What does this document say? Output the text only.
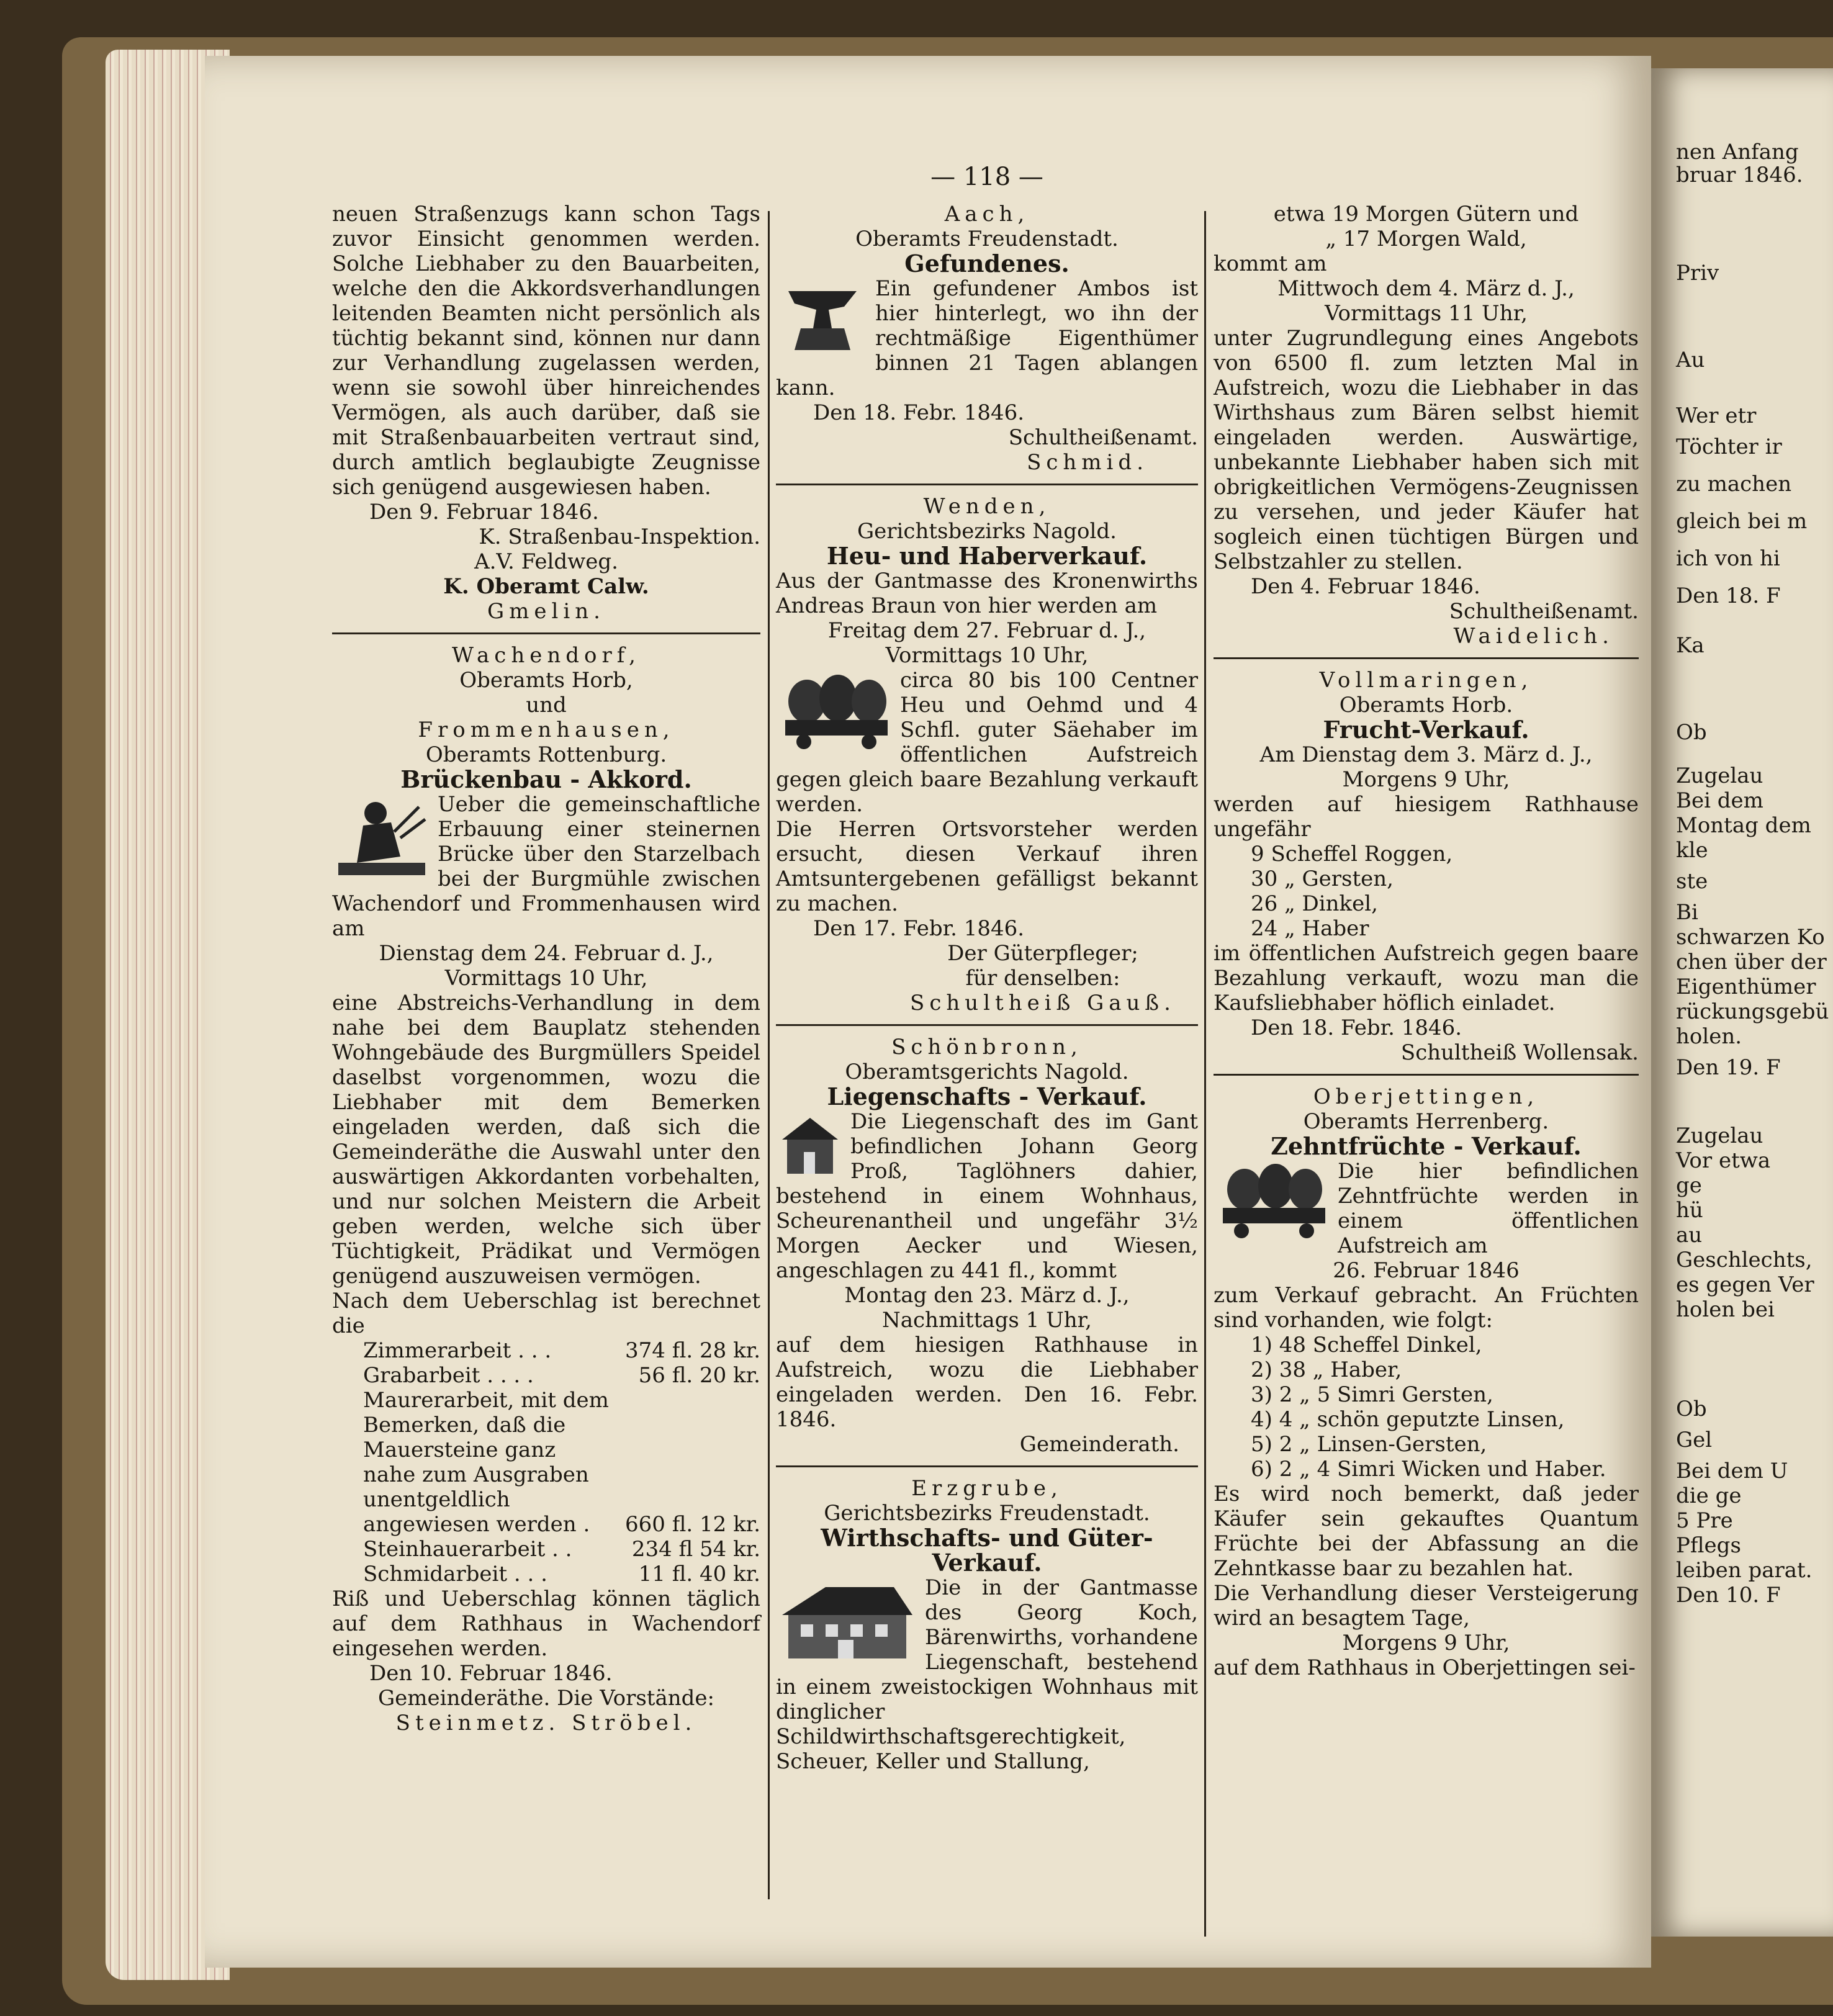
nen Anfang
bruar 1846.
Priv
Au
Wer etr
Töchter ir
zu machen
gleich bei m
ich von hi
Den 18. F
Ka
Ob
Zugelau
Bei dem
Montag dem
kle
ste
Bi
schwarzen Ko
chen über der
Eigenthümer
rückungsgebü
holen.
Den 19. F
Zugelau
Vor etwa
ge
hü
au
Geschlechts,
es gegen Ver
holen bei
Ob
Gel
Bei dem U
die ge
5 Pre
Pflegs
leiben parat.
Den 10. F
— 118 —

neuen Straßenzugs kann schon Tags zuvor Einsicht genommen werden. Solche Liebhaber zu den Bauarbeiten, welche den die Akkordsverhandlungen leitenden Beamten nicht persönlich als tüchtig bekannt sind, können nur dann zur Verhandlung zugelassen werden, wenn sie sowohl über hinreichendes Vermögen, als auch darüber, daß sie mit Straßenbauarbeiten vertraut sind, durch amtlich beglaubigte Zeugnisse sich genügend ausgewiesen haben.

Den 9. Februar 1846.

K. Straßenbau-Inspektion.

A.V. Feldweg.

K. Oberamt Calw.

Gmelin.

Wachendorf,

Oberamts Horb,

und

Frommenhausen,

Oberamts Rottenburg.

Brückenbau - Akkord.

Ueber die gemeinschaftliche Erbauung einer steinernen Brücke über den Starzelbach bei der Burgmühle zwischen Wachendorf und Frommenhausen wird am

Dienstag dem 24. Februar d. J.,

Vormittags 10 Uhr,

eine Abstreichs-Verhandlung in dem nahe bei dem Bauplatz stehenden Wohngebäude des Burgmüllers Speidel daselbst vorgenommen, wozu die Liebhaber mit dem Bemerken eingeladen werden, daß sich die Gemeinderäthe die Auswahl unter den auswärtigen Akkordanten vorbehalten, und nur solchen Meistern die Arbeit geben werden, welche sich über Tüchtigkeit, Prädikat und Vermögen genügend auszuweisen vermögen.

Nach dem Ueberschlag ist berechnet die

Zimmerarbeit . . .	374 fl. 28 kr.
Grabarbeit . . . .	56 fl. 20 kr.
Maurerarbeit, mit dem Bemerken, daß die Mauersteine ganz nahe zum Ausgraben unentgeldlich angewiesen werden .	660 fl. 12 kr.
Steinhauerarbeit . .	234 fl 54 kr.
Schmidarbeit . . .	11 fl. 40 kr.

Riß und Ueberschlag können täglich auf dem Rathhaus in Wachendorf eingesehen werden.

Den 10. Februar 1846.

Gemeinderäthe. Die Vorstände:

Steinmetz. Ströbel.

Aach,

Oberamts Freudenstadt.

Gefundenes.

Ein gefundener Ambos ist hier hinterlegt, wo ihn der rechtmäßige Eigenthümer binnen 21 Tagen ablangen kann.

Den 18. Febr. 1846.

Schultheißenamt.

Schmid.

Wenden,

Gerichtsbezirks Nagold.

Heu- und Haberverkauf.

Aus der Gantmasse des Kronenwirths Andreas Braun von hier werden am

Freitag dem 27. Februar d. J.,

Vormittags 10 Uhr,

circa 80 bis 100 Centner Heu und Oehmd und 4 Schfl. guter Säehaber im öffentlichen Aufstreich gegen gleich baare Bezahlung verkauft werden.

Die Herren Ortsvorsteher werden ersucht, diesen Verkauf ihren Amtsuntergebenen gefälligst bekannt zu machen.

Den 17. Febr. 1846.

Der Güterpfleger;

für denselben:

Schultheiß Gauß.

Schönbronn,

Oberamtsgerichts Nagold.

Liegenschafts - Verkauf.

Die Liegenschaft des im Gant befindlichen Johann Georg Proß, Taglöhners dahier, bestehend in einem Wohnhaus, Scheurenantheil und ungefähr 3½ Morgen Aecker und Wiesen, angeschlagen zu 441 fl., kommt

Montag den 23. März d. J.,

Nachmittags 1 Uhr,

auf dem hiesigen Rathhause in Aufstreich, wozu die Liebhaber eingeladen werden. Den 16. Febr. 1846.

Gemeinderath.

Erzgrube,

Gerichtsbezirks Freudenstadt.

Wirthschafts- und Güter-Verkauf.

Die in der Gantmasse des Georg Koch, Bärenwirths, vorhandene Liegenschaft, bestehend in einem zweistockigen Wohnhaus mit dinglicher Schildwirthschaftsgerechtigkeit, Scheuer, Keller und Stallung,

etwa 19 Morgen Gütern und

„ 17 Morgen Wald,

kommt am

Mittwoch dem 4. März d. J.,

Vormittags 11 Uhr,

unter Zugrundlegung eines Angebots von 6500 fl. zum letzten Mal in Aufstreich, wozu die Liebhaber in das Wirthshaus zum Bären selbst hiemit eingeladen werden. Auswärtige, unbekannte Liebhaber haben sich mit obrigkeitlichen Vermögens-Zeugnissen zu versehen, und jeder Käufer hat sogleich einen tüchtigen Bürgen und Selbstzahler zu stellen.

Den 4. Februar 1846.

Schultheißenamt.

Waidelich.

Vollmaringen,

Oberamts Horb.

Frucht-Verkauf.

Am Dienstag dem 3. März d. J.,

Morgens 9 Uhr,

werden auf hiesigem Rathhause ungefähr

9 Scheffel Roggen,

30 „ Gersten,

26 „ Dinkel,

24 „ Haber

im öffentlichen Aufstreich gegen baare Bezahlung verkauft, wozu man die Kaufsliebhaber höflich einladet.

Den 18. Febr. 1846.

Schultheiß Wollensak.

Oberjettingen,

Oberamts Herrenberg.

Zehntfrüchte - Verkauf.

Die hier befindlichen Zehntfrüchte werden in einem öffentlichen Aufstreich am

26. Februar 1846

zum Verkauf gebracht. An Früchten sind vorhanden, wie folgt:

1) 48 Scheffel Dinkel,

2) 38 „ Haber,

3) 2 „ 5 Simri Gersten,

4) 4 „ schön geputzte Linsen,

5) 2 „ Linsen-Gersten,

6) 2 „ 4 Simri Wicken und Haber.

Es wird noch bemerkt, daß jeder Käufer sein gekauftes Quantum Früchte bei der Abfassung an die Zehntkasse baar zu bezahlen hat.

Die Verhandlung dieser Versteigerung wird an besagtem Tage,

Morgens 9 Uhr,

auf dem Rathhaus in Oberjettingen sei-
